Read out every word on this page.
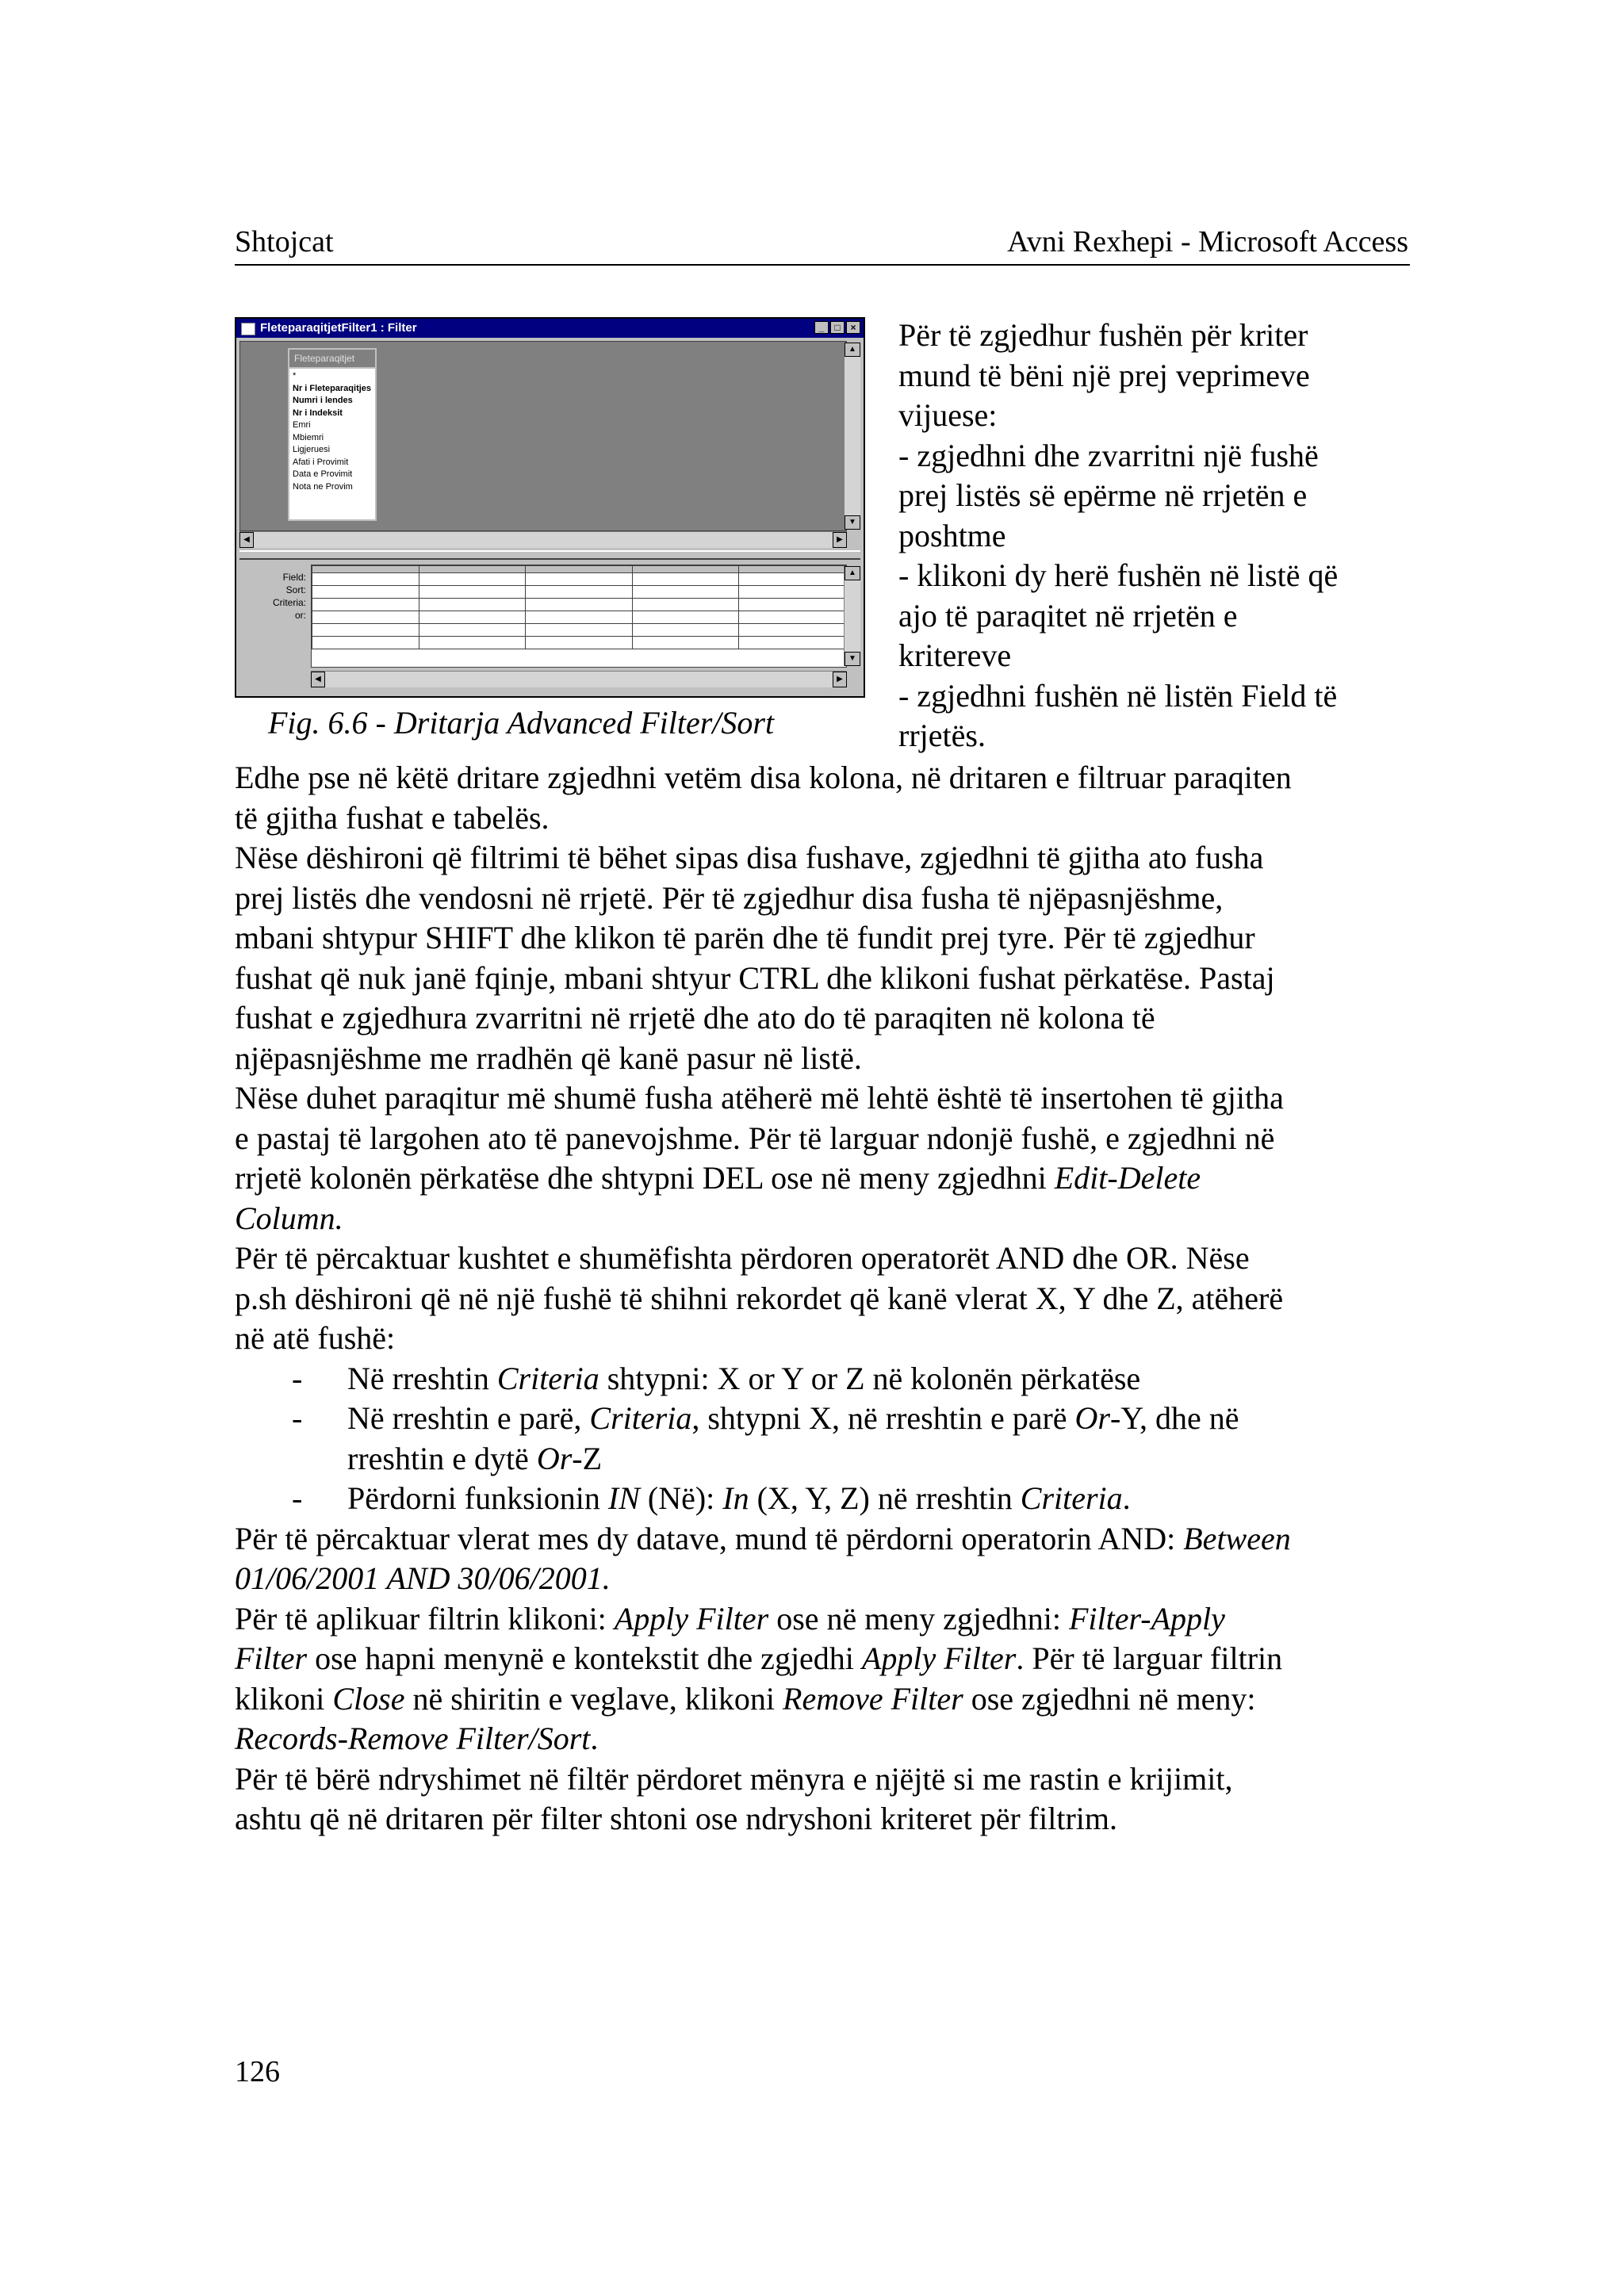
Shtojcat	Avni Rexhepi - Microsoft Access
FleteparaqitjetFilter1 : Filter	_	□	×
Fleteparaqitjet
*
Nr i Fleteparaqitjes
Numri i lendes
Nr i Indeksit
Emri
Mbiemri
Ligjeruesi
Afati i Provimit
Data e Provimit
Nota ne Provim
▲
▼
◀	▶
Field:
Sort:
Criteria:
or:

▲
▼
◀	▶
Fig. 6.6 - Dritarja Advanced Filter/Sort
Për të zgjedhur fushën për kriter
mund të bëni një prej veprimeve
vijuese:
- zgjedhni dhe zvarritni një fushë
prej listës së epërme në rrjetën e
poshtme
- klikoni dy herë fushën në listë që
ajo të paraqitet në rrjetën e
kritereve
- zgjedhni fushën në listën Field të
rrjetës.
Edhe pse në këtë dritare zgjedhni vetëm disa kolona, në dritaren e filtruar paraqiten
të gjitha fushat e tabelës.
Nëse dëshironi që filtrimi të bëhet sipas disa fushave, zgjedhni të gjitha ato fusha
prej listës dhe vendosni në rrjetë. Për të zgjedhur disa fusha të njëpasnjëshme,
mbani shtypur SHIFT dhe klikon të parën dhe të fundit prej tyre. Për të zgjedhur
fushat që nuk janë fqinje, mbani shtyur CTRL dhe klikoni fushat përkatëse. Pastaj
fushat e zgjedhura zvarritni në rrjetë dhe ato do të paraqiten në kolona të
njëpasnjëshme me rradhën që kanë pasur në listë.
Nëse duhet paraqitur më shumë fusha atëherë më lehtë është të insertohen të gjitha
e pastaj të largohen ato të panevojshme. Për të larguar ndonjë fushë, e zgjedhni në
rrjetë kolonën përkatëse dhe shtypni DEL ose në meny zgjedhni Edit-Delete
Column.
Për të përcaktuar kushtet e shumëfishta përdoren operatorët AND dhe OR. Nëse
p.sh dëshironi që në një fushë të shihni rekordet që kanë vlerat X, Y dhe Z, atëherë
në atë fushë:
- Në rreshtin Criteria shtypni: X or Y or Z në kolonën përkatëse
- Në rreshtin e parë, Criteria, shtypni X, në rreshtin e parë Or-Y, dhe në
rreshtin e dytë Or-Z
- Përdorni funksionin IN (Në): In (X, Y, Z) në rreshtin Criteria.
Për të përcaktuar vlerat mes dy datave, mund të përdorni operatorin AND: Between
01/06/2001 AND 30/06/2001.
Për të aplikuar filtrin klikoni: Apply Filter ose në meny zgjedhni: Filter-Apply
Filter ose hapni menynë e kontekstit dhe zgjedhi Apply Filter. Për të larguar filtrin
klikoni Close në shiritin e veglave, klikoni Remove Filter ose zgjedhni në meny:
Records-Remove Filter/Sort.
Për të bërë ndryshimet në filtër përdoret mënyra e njëjtë si me rastin e krijimit,
ashtu që në dritaren për filter shtoni ose ndryshoni kriteret për filtrim.
126
